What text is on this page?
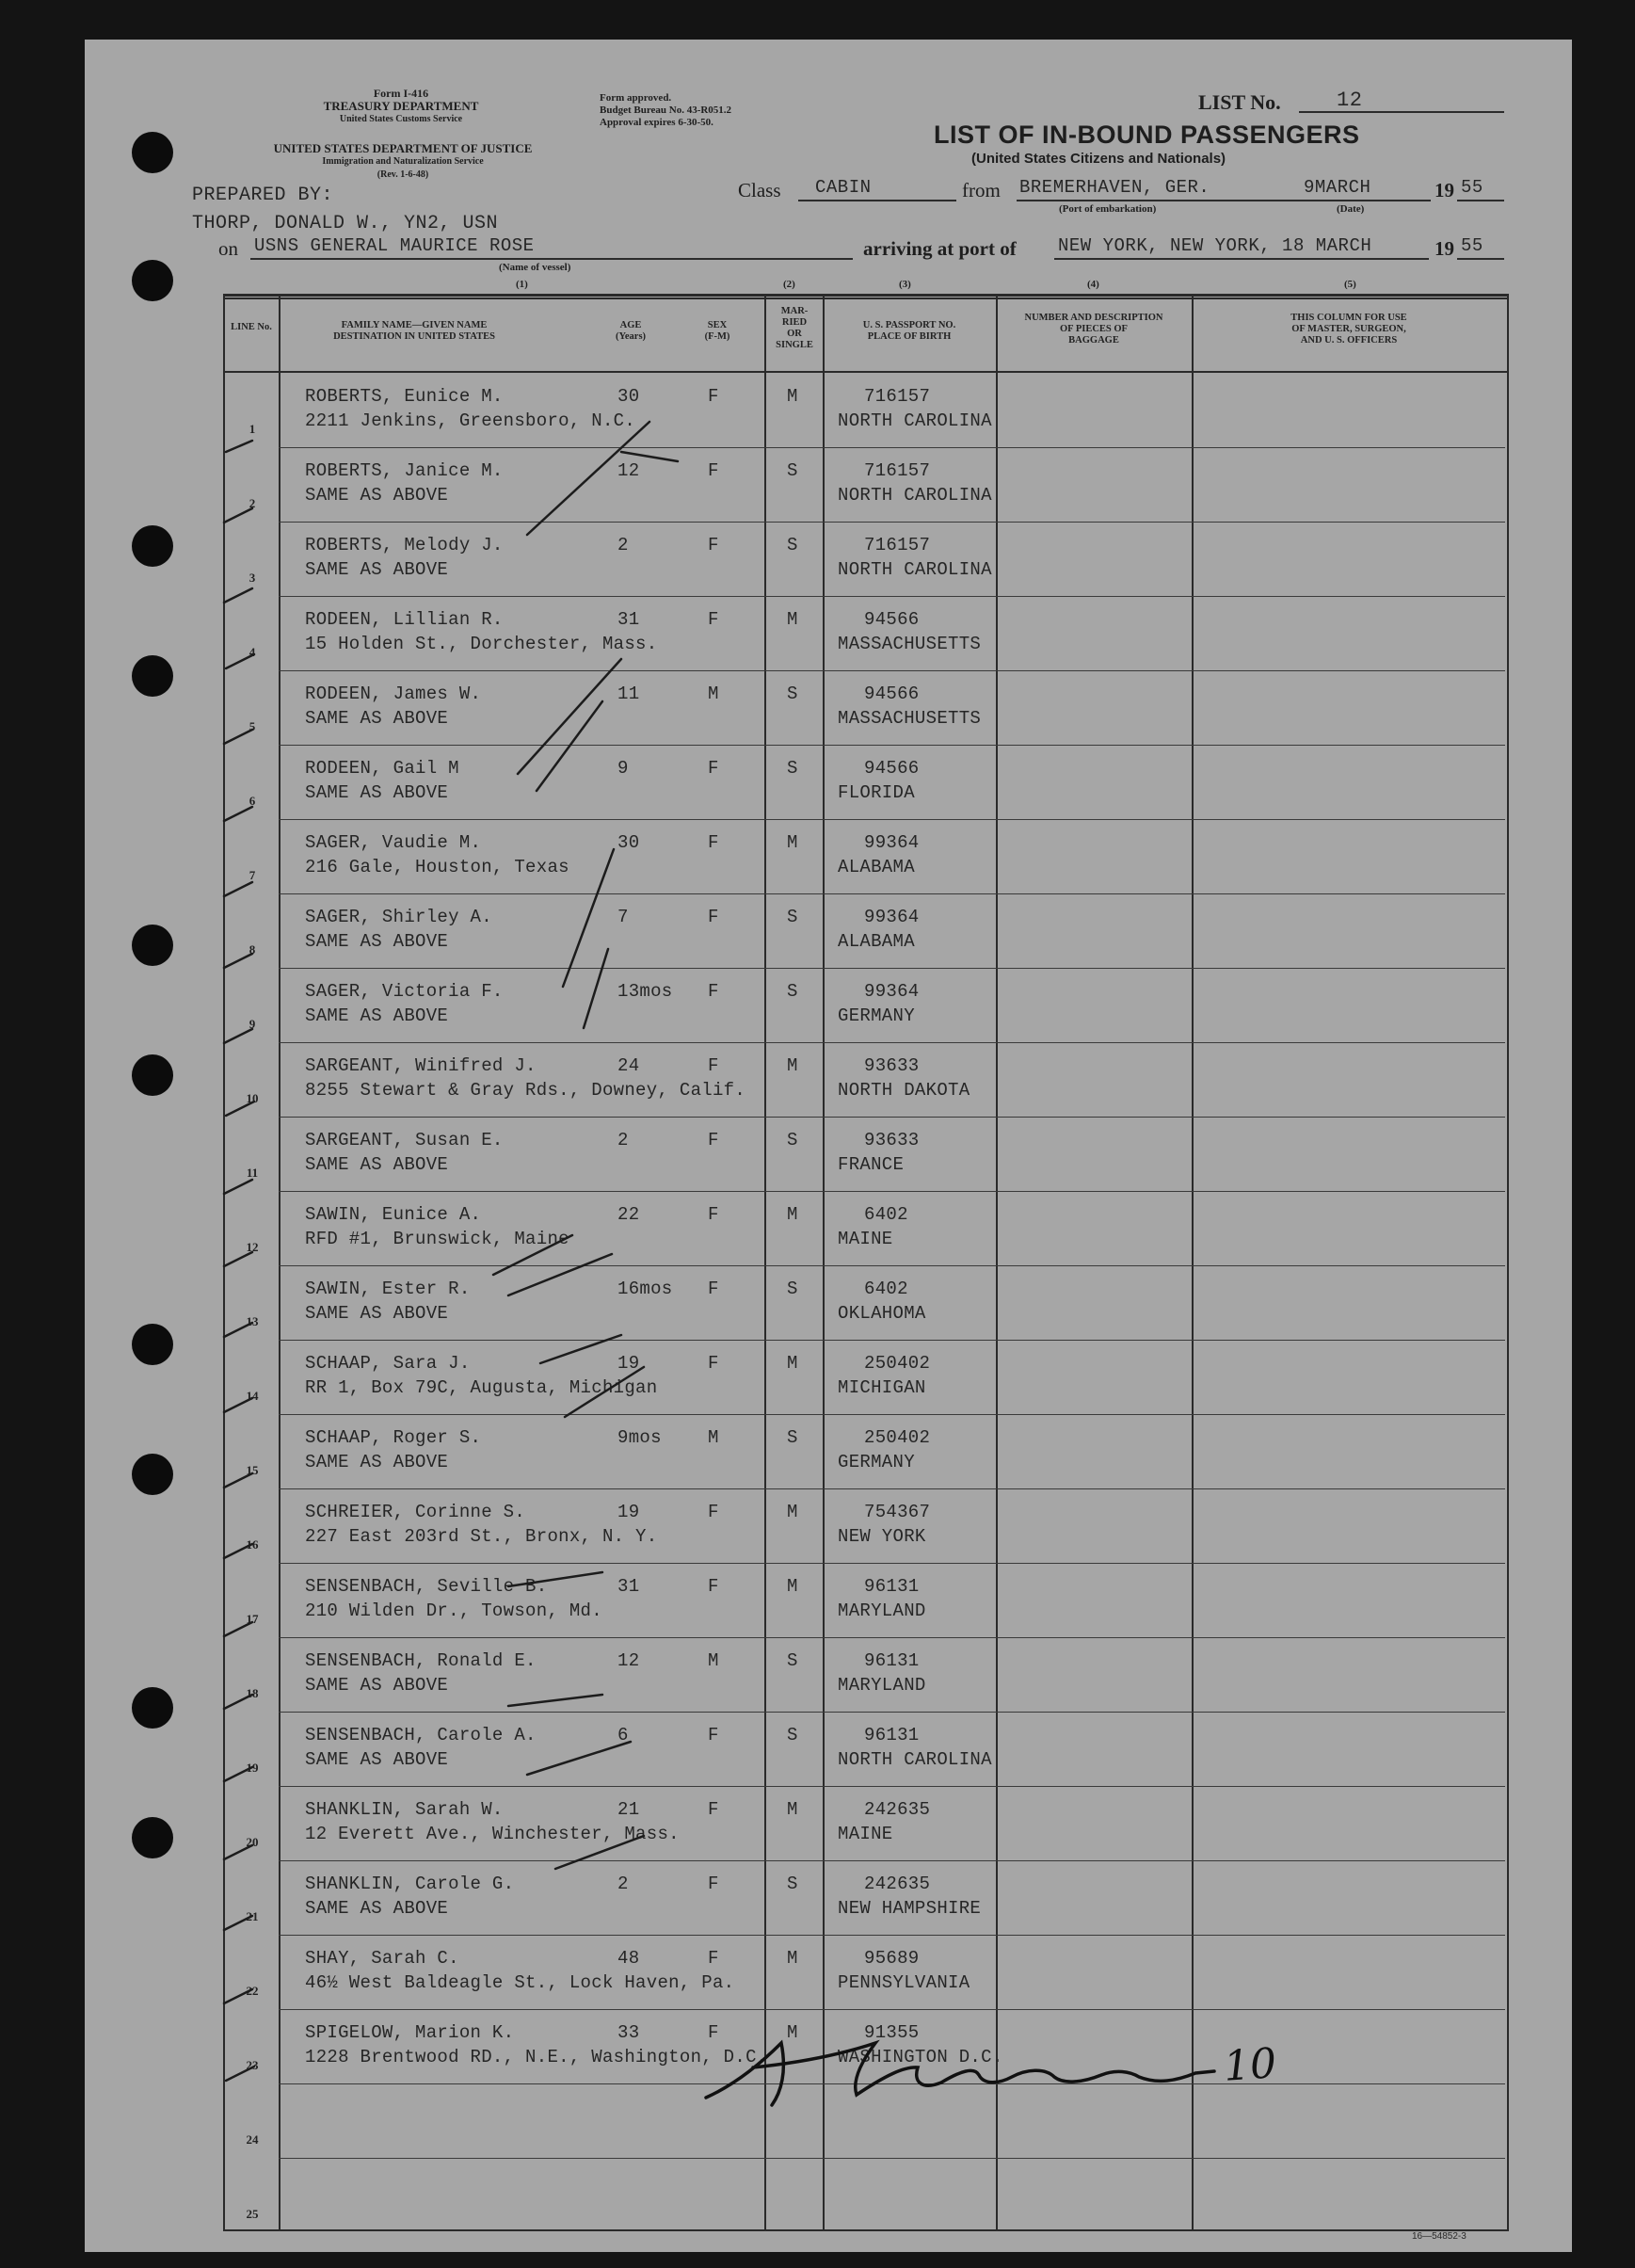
Form I-416
TREASURY DEPARTMENT
United States Customs Service
UNITED STATES DEPARTMENT OF JUSTICE
Immigration and Naturalization Service
(Rev. 1-6-48)
Form approved.
Budget Bureau No. 43-R051.2
Approval expires 6-30-50.
LIST No.	12
LIST OF IN-BOUND PASSENGERS
(United States Citizens and Nationals)
PREPARED BY:
THORP, DONALD W., YN2, USN
Class CABIN	from BREMERHAVEN, GER.	9MARCH
(Port of embarkation)	(Date)
19 55
on USNS GENERAL MAURICE ROSE
(Name of vessel)
arriving at port of NEW YORK, NEW YORK, 18 MARCH	19 55
(1)	(2)	(3)	(4)	(5)
LINE No.	FAMILY NAME—GIVEN NAME
DESTINATION IN UNITED STATES
AGE
(Years)
SEX
(F-M)
MAR-
RIED
OR
SINGLE
U. S. PASSPORT NO.
PLACE OF BIRTH
NUMBER AND DESCRIPTION
OF PIECES OF
BAGGAGE
THIS COLUMN FOR USE
OF MASTER, SURGEON,
AND U. S. OFFICERS
1
ROBERTS, Eunice M.
2211 Jenkins, Greensboro, N.C.
30	F	M	716157
NORTH CAROLINA
2
ROBERTS, Janice M.
SAME AS ABOVE
12	F	S	716157
NORTH CAROLINA
3
ROBERTS, Melody J.
SAME AS ABOVE
2	F	S	716157
NORTH CAROLINA
4
RODEEN, Lillian R.
15 Holden St., Dorchester, Mass.
31	F	M	94566
MASSACHUSETTS
5
RODEEN, James W.
SAME AS ABOVE
11	M	S	94566
MASSACHUSETTS
6
RODEEN, Gail M
SAME AS ABOVE
9	F	S	94566
FLORIDA
7
SAGER, Vaudie M.
216 Gale, Houston, Texas
30	F	M	99364
ALABAMA
8
SAGER, Shirley A.
SAME AS ABOVE
7	F	S	99364
ALABAMA
9
SAGER, Victoria F.
SAME AS ABOVE
13mos F	S	99364
GERMANY
10
SARGEANT, Winifred J.
8255 Stewart & Gray Rds., Downey, Calif.
24	F	M	93633
NORTH DAKOTA
11
SARGEANT, Susan E.
SAME AS ABOVE
2	F	S	93633
FRANCE
12
SAWIN, Eunice A.
RFD #1, Brunswick, Maine
22	F	M	6402
MAINE
13
SAWIN, Ester R.
SAME AS ABOVE
16mos F	S	6402
OKLAHOMA
14
SCHAAP, Sara J.
RR 1, Box 79C, Augusta, Michigan
19	F	M	250402
MICHIGAN
15
SCHAAP, Roger S.
SAME AS ABOVE
9mos	M	S	250402
GERMANY
16
SCHREIER, Corinne S.
227 East 203rd St., Bronx, N. Y.
19	F	M	754367
NEW YORK
17
SENSENBACH, Seville B.
210 Wilden Dr., Towson, Md.
31	F	M	96131
MARYLAND
18
SENSENBACH, Ronald E.
SAME AS ABOVE
12	M	S	96131
MARYLAND
19
SENSENBACH, Carole A.
SAME AS ABOVE
6	F	S	96131
NORTH CAROLINA
20
SHANKLIN, Sarah W.
12 Everett Ave., Winchester, Mass.
21	F	M	242635
MAINE
21
SHANKLIN, Carole G.
SAME AS ABOVE
2	F	S	242635
NEW HAMPSHIRE
22
SHAY, Sarah C.
46½ West Baldeagle St., Lock Haven, Pa.
48	F	M	95689
PENNSYLVANIA
23
SPIGELOW, Marion K.
1228 Brentwood RD., N.E., Washington, D.C.
33	F	M	91355
WASHINGTON D.C.
24
25
10
16—54852-3
